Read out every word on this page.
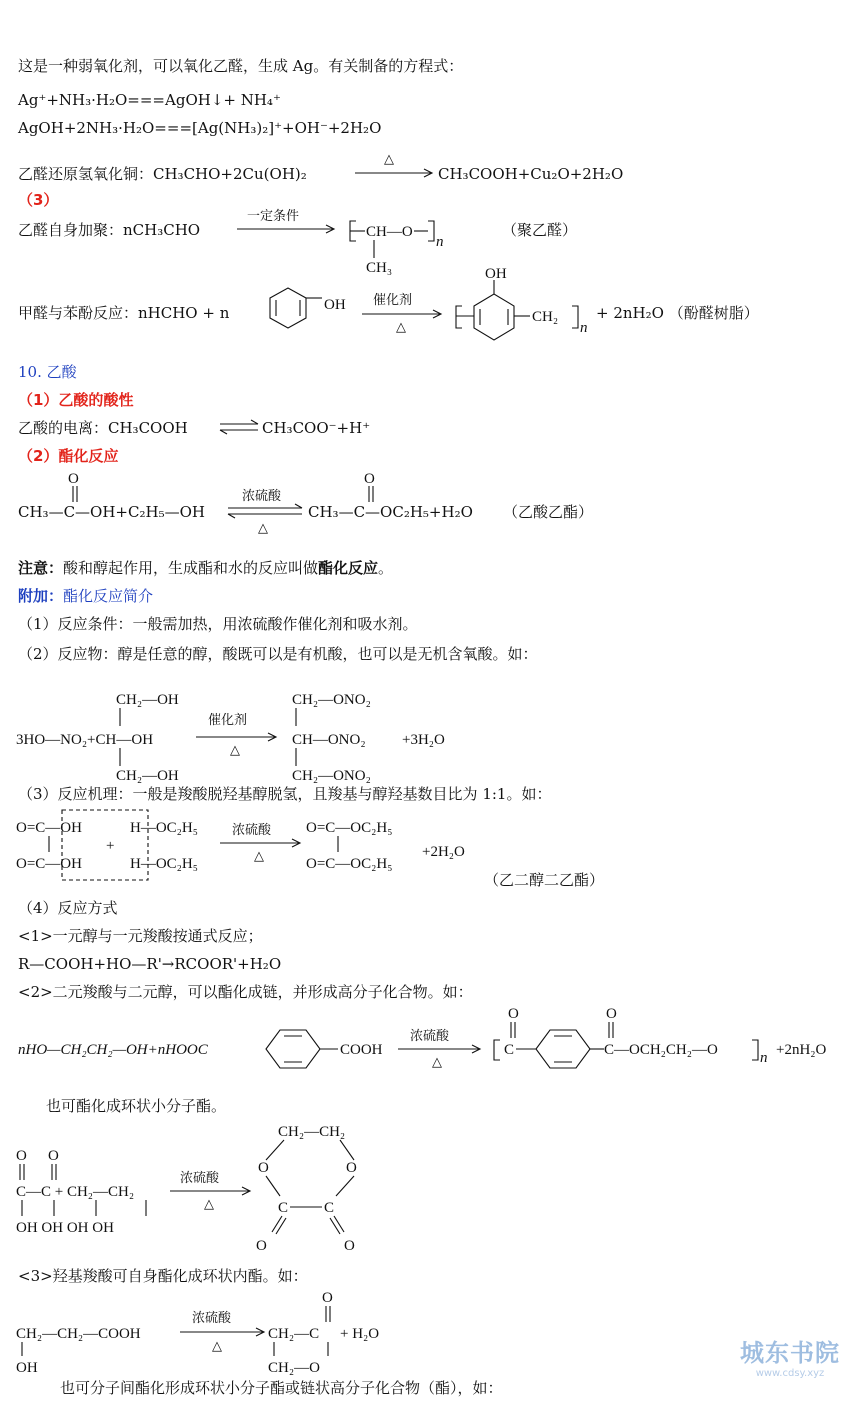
这是一种弱氧化剂，可以氧化乙醛，生成 Ag。有关制备的方程式：
Ag⁺+NH₃·H₂O===AgOH↓+ NH₄⁺
AgOH+2NH₃·H₂O===[Ag(NH₃)₂]⁺+OH⁻+2H₂O
乙醛还原氢氧化铜：CH₃CHO+2Cu(OH)₂	CH₃COOH+Cu₂O+2H₂O
（3）
乙醛自身加聚：nCH₃CHO	（聚乙醛）
甲醛与苯酚反应：nHCHO + n	+ 2nH₂O （酚醛树脂）
10. 乙酸
（1）乙酸的酸性
乙酸的电离：CH₃COOH	CH₃COO⁻+H⁺
（2）酯化反应
CH₃—C—OH+C₂H₅—OH	CH₃—C—OC₂H₅+H₂O （乙酸乙酯）
注意：酸和醇起作用，生成酯和水的反应叫做酯化反应。
附加：酯化反应简介
（1）反应条件：一般需加热，用浓硫酸作催化剂和吸水剂。
（2）反应物：醇是任意的醇，酸既可以是有机酸，也可以是无机含氧酸。如：
（3）反应机理：一般是羧酸脱羟基醇脱氢，且羧基与醇羟基数目比为 1:1。如：
（乙二醇二乙酯）
（4）反应方式
<1>一元醇与一元羧酸按通式反应；
R—COOH+HO—R'→RCOOR'+H₂O
<2>二元羧酸与二元醇，可以酯化成链，并形成高分子化合物。如：
也可酯化成环状小分子酯。
<3>羟基羧酸可自身酯化成环状内酯。如：
也可分子间酯化形成环状小分子酯或链状高分子化合物（酯），如：
△
一定条件
CH—O
n
CH₃
OH 催化剂
△
OH
CH₂
n
O	O
浓硫酸
△
CH₂—OH
3HO—NO₂+CH—OH
CH₂—OH
催化剂
△
CH₂—ONO₂
CH—ONO₂
CH₂—ONO₂
+3H₂O
O=C—OH
O=C—OH
+
H—OC₂H₅
H—OC₂H₅
浓硫酸
△
O=C—OC₂H₅
O=C—OC₂H₅
+2H₂O
nHO—CH₂CH₂—OH+nHOOC	COOH
浓硫酸
△
C
O
C—OCH₂CH₂—O
O
n +2nH₂O
O O
C—C + CH₂—CH₂
OH OH OH OH
浓硫酸
△
CH₂—CH₂
O	O
C C
O	O
CH₂—CH₂—COOH
OH
浓硫酸
△
O
CH₂—C
CH₂—O
+ H₂O
城东书院
www.cdsy.xyz
